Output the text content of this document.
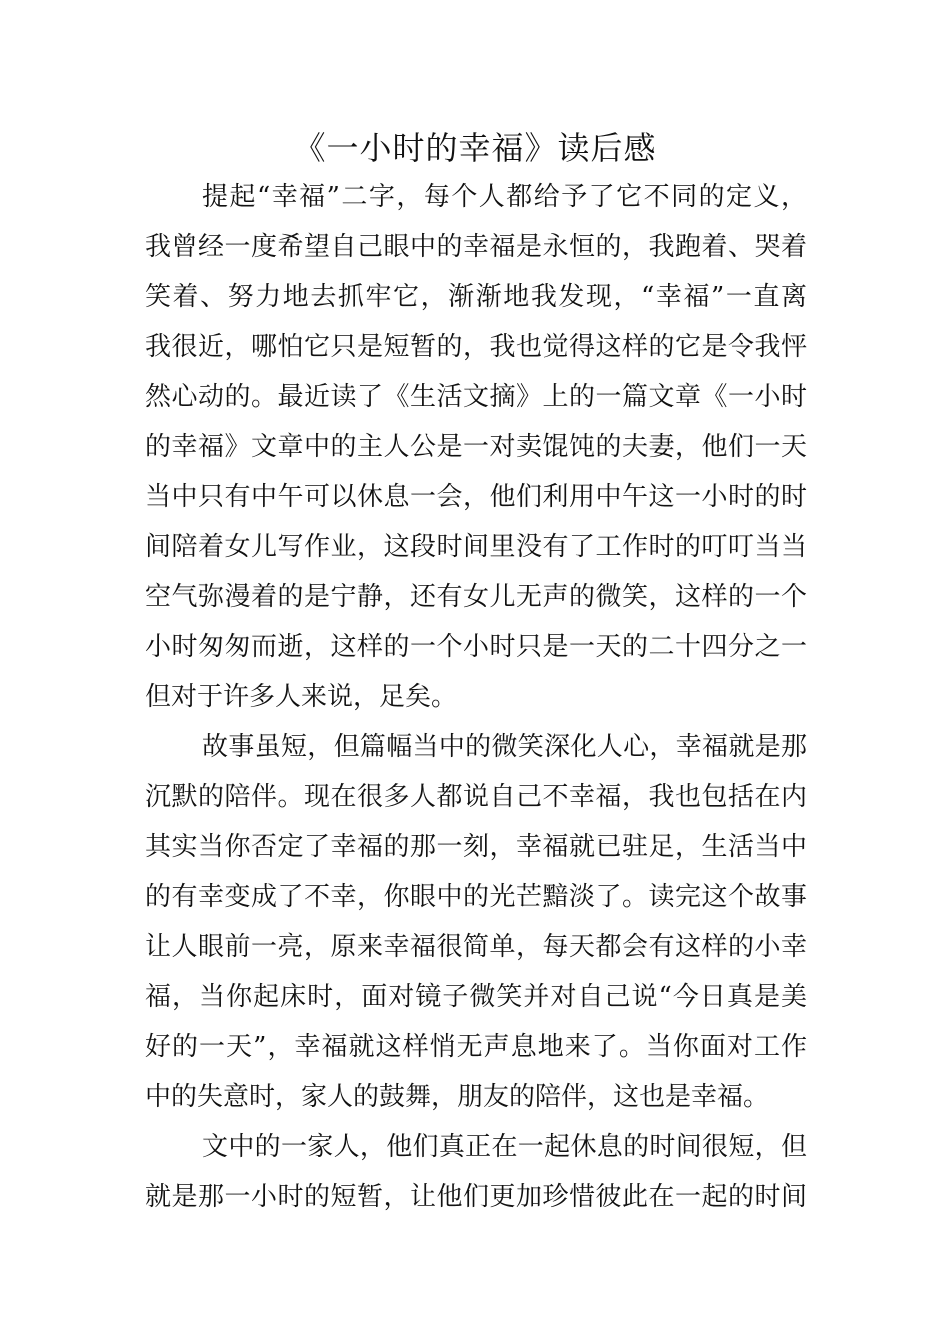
《一小时的幸福》读后感
提起“幸福”二字，每个人都给予了它不同的定义，
我曾经一度希望自己眼中的幸福是永恒的，我跑着、哭着
笑着、努力地去抓牢它，渐渐地我发现，“幸福”一直离
我很近，哪怕它只是短暂的，我也觉得这样的它是令我怦
然心动的。最近读了《生活文摘》上的一篇文章《一小时
的幸福》文章中的主人公是一对卖馄饨的夫妻，他们一天
当中只有中午可以休息一会，他们利用中午这一小时的时
间陪着女儿写作业，这段时间里没有了工作时的叮叮当当
空气弥漫着的是宁静，还有女儿无声的微笑，这样的一个
小时匆匆而逝，这样的一个小时只是一天的二十四分之一
但对于许多人来说，足矣。
故事虽短，但篇幅当中的微笑深化人心，幸福就是那
沉默的陪伴。现在很多人都说自己不幸福，我也包括在内
其实当你否定了幸福的那一刻，幸福就已驻足，生活当中
的有幸变成了不幸，你眼中的光芒黯淡了。读完这个故事
让人眼前一亮，原来幸福很简单，每天都会有这样的小幸
福，当你起床时，面对镜子微笑并对自己说“今日真是美
好的一天”，幸福就这样悄无声息地来了。当你面对工作
中的失意时，家人的鼓舞，朋友的陪伴，这也是幸福。
文中的一家人，他们真正在一起休息的时间很短，但
就是那一小时的短暂，让他们更加珍惜彼此在一起的时间
